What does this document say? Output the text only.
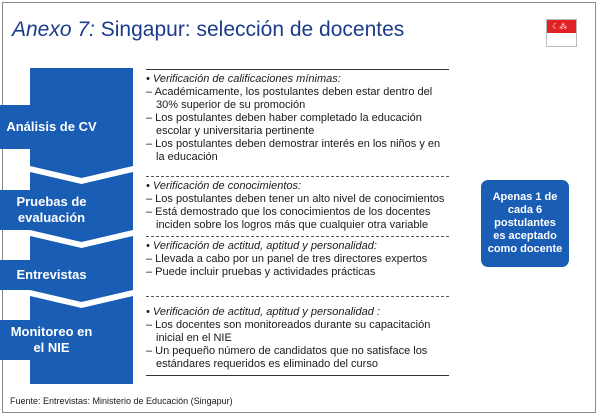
Anexo 7: Singapur: selección de docentes	☾⁂
Análisis de CV
Pruebas de evaluación
Entrevistas
Monitoreo en el NIE
• Verificación de calificaciones mínimas:
– Académicamente, los postulantes deben estar dentro del 30% superior de su promoción
– Los postulantes deben haber completado la educación escolar y universitaria pertinente
– Los postulantes deben demostrar interés en los niños y en la educación
• Verificación de conocimientos:
– Los postulantes deben tener un alto nivel de conocimientos
– Está demostrado que los conocimientos de los docentes inciden sobre los logros más que cualquier otra variable
• Verificación de actitud, aptitud y personalidad:
– Llevada a cabo por un panel de tres directores expertos
– Puede incluir pruebas y actividades prácticas
• Verificación de actitud, aptitud y personalidad :
– Los docentes son monitoreados durante su capacitación inicial en el NIE
– Un pequeño número de candidatos que no satisface los estándares requeridos es eliminado del curso
Apenas 1 de cada 6 postulantes es aceptado como docente
Fuente: Entrevistas: Ministerio de Educación (Singapur)
